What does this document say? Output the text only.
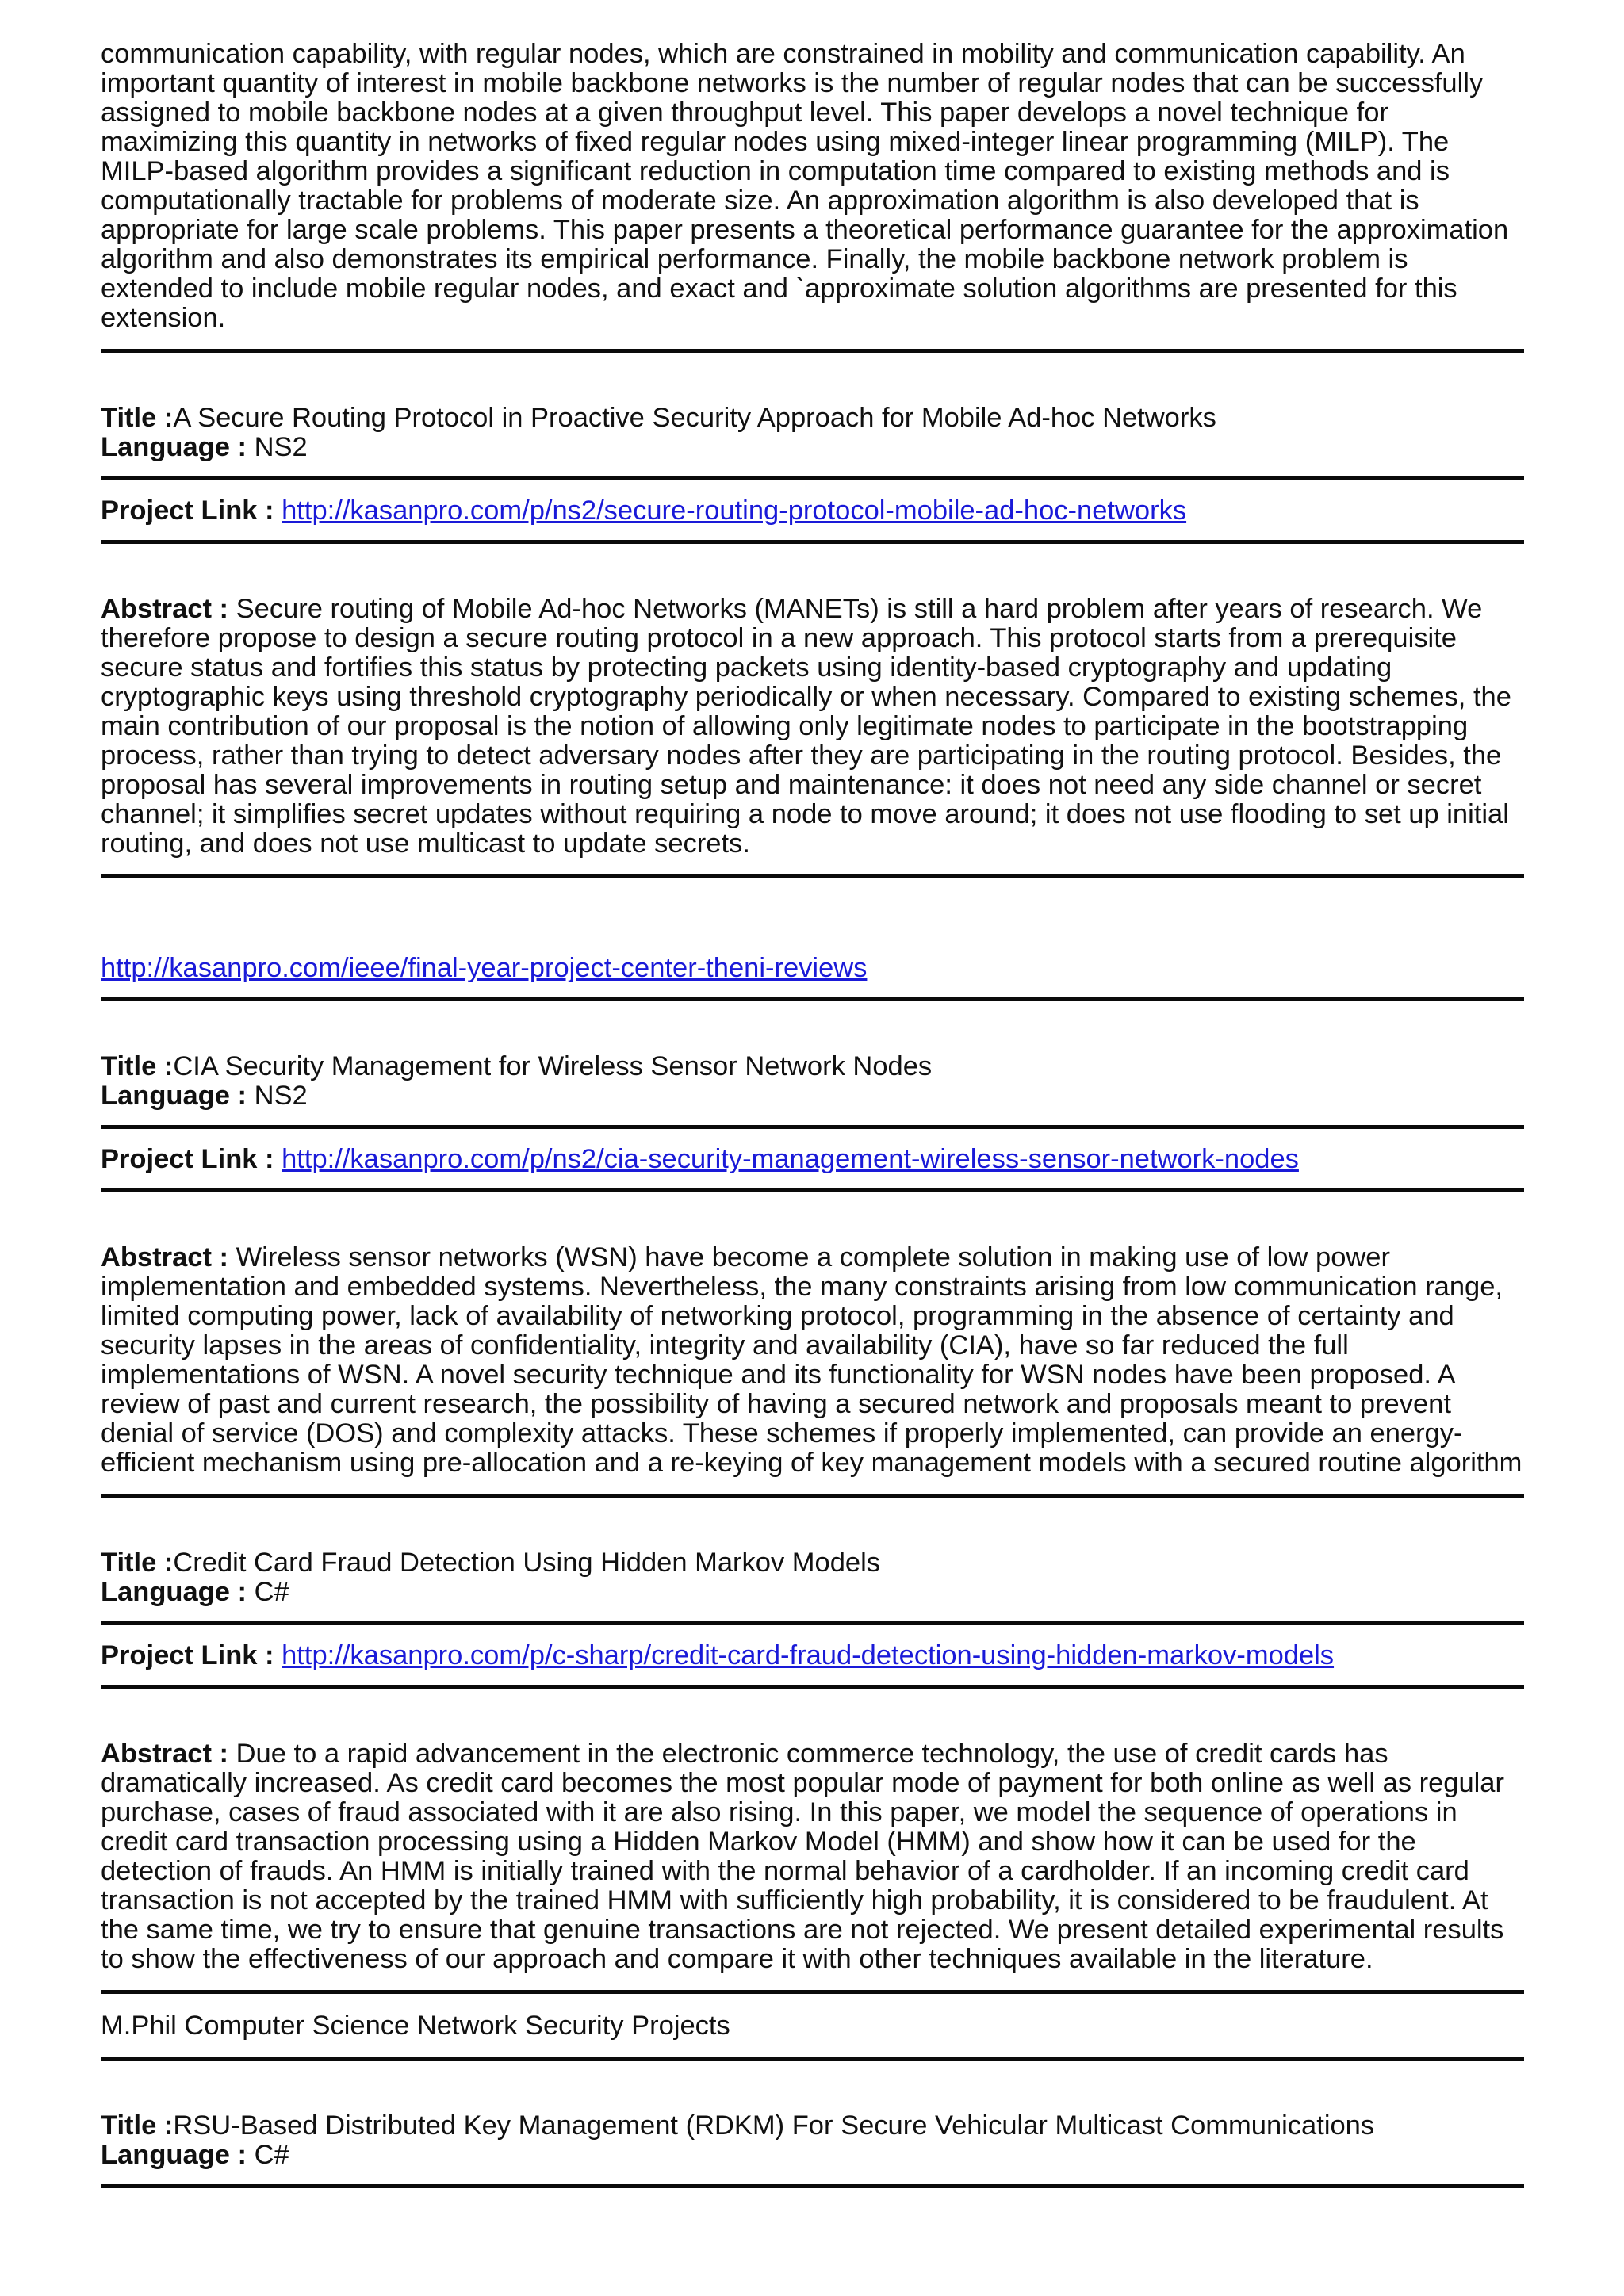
communication capability, with regular nodes, which are constrained in mobility and communication capability. An important quantity of interest in mobile backbone networks is the number of regular nodes that can be successfully assigned to mobile backbone nodes at a given throughput level. This paper develops a novel technique for maximizing this quantity in networks of fixed regular nodes using mixed-integer linear programming (MILP). The MILP-based algorithm provides a significant reduction in computation time compared to existing methods and is computationally tractable for problems of moderate size. An approximation algorithm is also developed that is appropriate for large scale problems. This paper presents a theoretical performance guarantee for the approximation algorithm and also demonstrates its empirical performance. Finally, the mobile backbone network problem is extended to include mobile regular nodes, and exact and `approximate solution algorithms are presented for this extension.

Title :A Secure Routing Protocol in Proactive Security Approach for Mobile Ad-hoc Networks

Language : NS2

Project Link : http://kasanpro.com/p/ns2/secure-routing-protocol-mobile-ad-hoc-networks

Abstract : Secure routing of Mobile Ad-hoc Networks (MANETs) is still a hard problem after years of research. We therefore propose to design a secure routing protocol in a new approach. This protocol starts from a prerequisite secure status and fortifies this status by protecting packets using identity-based cryptography and updating cryptographic keys using threshold cryptography periodically or when necessary. Compared to existing schemes, the main contribution of our proposal is the notion of allowing only legitimate nodes to participate in the bootstrapping process, rather than trying to detect adversary nodes after they are participating in the routing protocol. Besides, the proposal has several improvements in routing setup and maintenance: it does not need any side channel or secret channel; it simplifies secret updates without requiring a node to move around; it does not use flooding to set up initial routing, and does not use multicast to update secrets.

http://kasanpro.com/ieee/final-year-project-center-theni-reviews

Title :CIA Security Management for Wireless Sensor Network Nodes

Language : NS2

Project Link : http://kasanpro.com/p/ns2/cia-security-management-wireless-sensor-network-nodes

Abstract : Wireless sensor networks (WSN) have become a complete solution in making use of low power implementation and embedded systems. Nevertheless, the many constraints arising from low communication range, limited computing power, lack of availability of networking protocol, programming in the absence of certainty and security lapses in the areas of confidentiality, integrity and availability (CIA), have so far reduced the full implementations of WSN. A novel security technique and its functionality for WSN nodes have been proposed. A review of past and current research, the possibility of having a secured network and proposals meant to prevent denial of service (DOS) and complexity attacks. These schemes if properly implemented, can provide an energy-efficient mechanism using pre-allocation and a re-keying of key management models with a secured routine algorithm

Title :Credit Card Fraud Detection Using Hidden Markov Models

Language : C#

Project Link : http://kasanpro.com/p/c-sharp/credit-card-fraud-detection-using-hidden-markov-models

Abstract : Due to a rapid advancement in the electronic commerce technology, the use of credit cards has dramatically increased. As credit card becomes the most popular mode of payment for both online as well as regular purchase, cases of fraud associated with it are also rising. In this paper, we model the sequence of operations in credit card transaction processing using a Hidden Markov Model (HMM) and show how it can be used for the detection of frauds. An HMM is initially trained with the normal behavior of a cardholder. If an incoming credit card transaction is not accepted by the trained HMM with sufficiently high probability, it is considered to be fraudulent. At the same time, we try to ensure that genuine transactions are not rejected. We present detailed experimental results to show the effectiveness of our approach and compare it with other techniques available in the literature.

M.Phil Computer Science Network Security Projects

Title :RSU-Based Distributed Key Management (RDKM) For Secure Vehicular Multicast Communications

Language : C#
